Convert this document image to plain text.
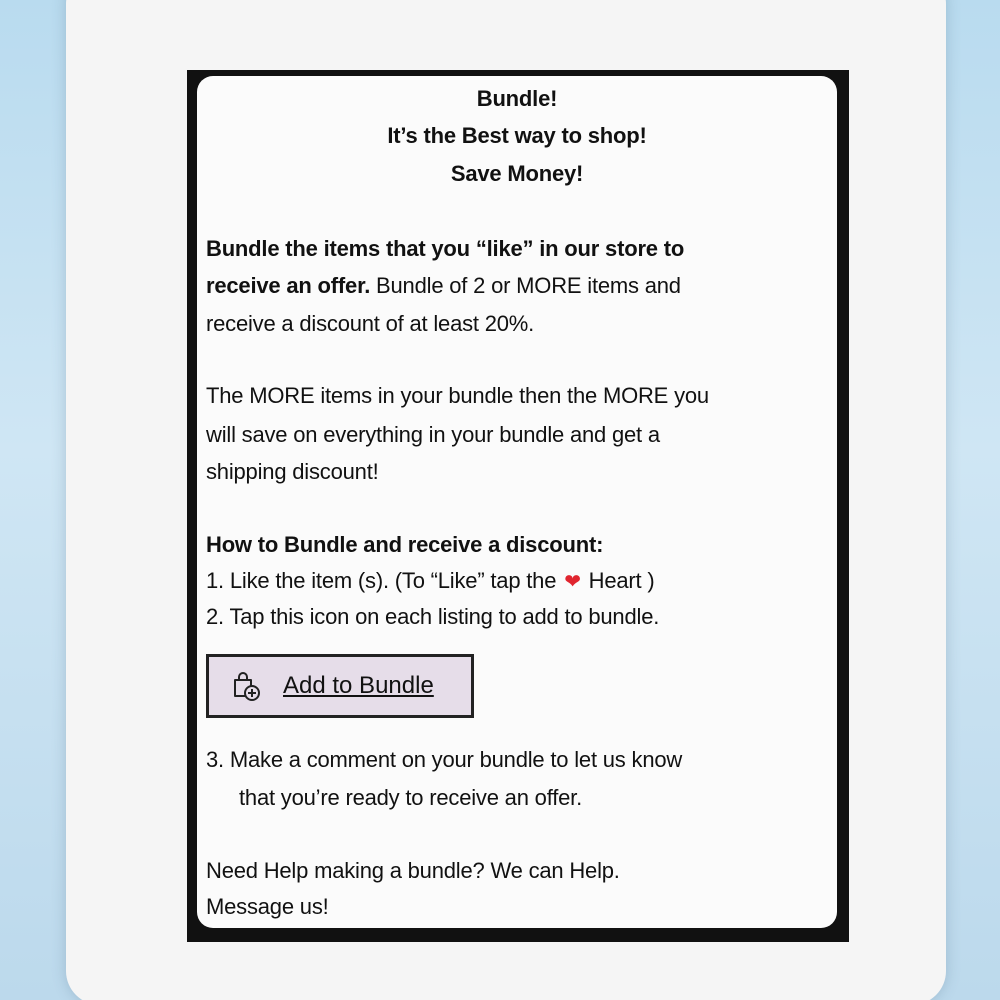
Bundle!
It’s the Best way to shop!
Save Money!
Bundle the items that you “like” in our store to
receive an offer. Bundle of 2 or MORE items and
receive a discount of at least 20%.
The MORE items in your bundle then the MORE you
will save on everything in your bundle and get a
shipping discount!
How to Bundle and receive a discount:
1. Like the item (s). (To “Like” tap the ❤ Heart )
2. Tap this icon on each listing to add to bundle.
Add to Bundle
3. Make a comment on your bundle to let us know
that you’re ready to receive an offer.
Need Help making a bundle? We can Help.
Message us!
